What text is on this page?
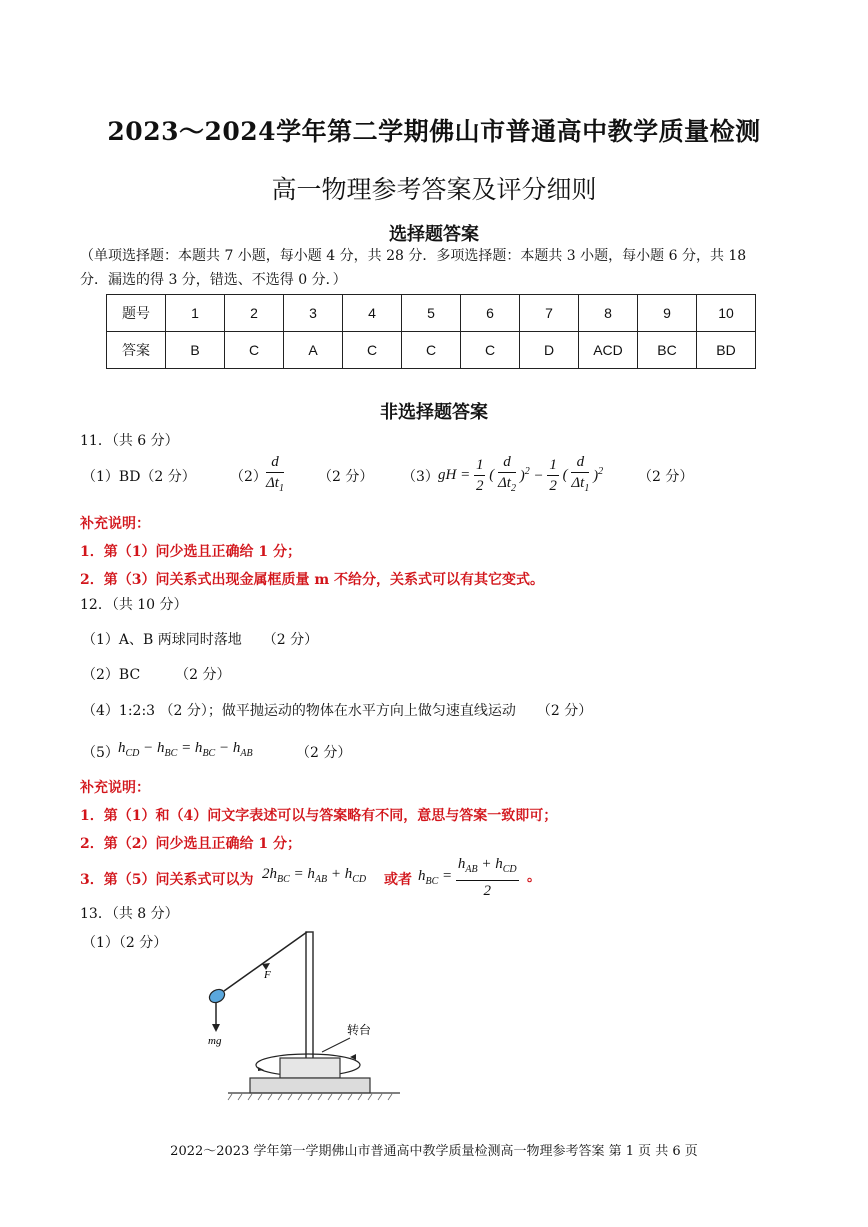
2023～2024学年第二学期佛山市普通高中教学质量检测
高一物理参考答案及评分细则
选择题答案
（单项选择题：本题共 7 小题，每小题 4 分，共 28 分．多项选择题：本题共 3 小题，每小题 6 分，共 18
分．漏选的得 3 分，错选、不选得 0 分．）
题号	1	2	3	4	5	6	7	8	9	10
答案	B	C	A	C	C	C	D	ACD	BC	BD
非选择题答案
11．（共 6 分）
（1）BD（2 分） $(2) \frac{d}{\Delta t_1} (2$ 分） （3） gH = $\frac{1}{2}$ ( $\frac{d}{\Delta t_2} )^2 - \frac{1}{2}$ ( $\frac{d}{\Delta t_1} )^2$ （2 分）
补充说明：
1．第（1）问少选且正确给 1 分；
2．第（3）问关系式出现金属框质量 m 不给分，关系式可以有其它变式。
12．（共 10 分）
（1）A、B 两球同时落地　　（2 分）
（2）BC　　　（2 分）
（4）1:2:3 （2 分）；做平抛运动的物体在水平方向上做匀速直线运动　　（2 分）
（5） $h_{CD} - h_{BC} = h_{BC} - h_{AB}$	（2 分）
补充说明：
1．第（1）和（4）问文字表述可以与答案略有不同，意思与答案一致即可；
2．第（2）问少选且正确给 1 分；
3．第（5）问关系式可以为 $2h_{BC} = h_{AB} + h_{CD}$ 或者 $h_{BC} = \frac{h_{AB} + h_{CD}}{2}$ 。
13．（共 8 分）
（1）（2 分）
F
mg
转台
2022～2023 学年第一学期佛山市普通高中教学质量检测高一物理参考答案 第 1 页 共 6 页
